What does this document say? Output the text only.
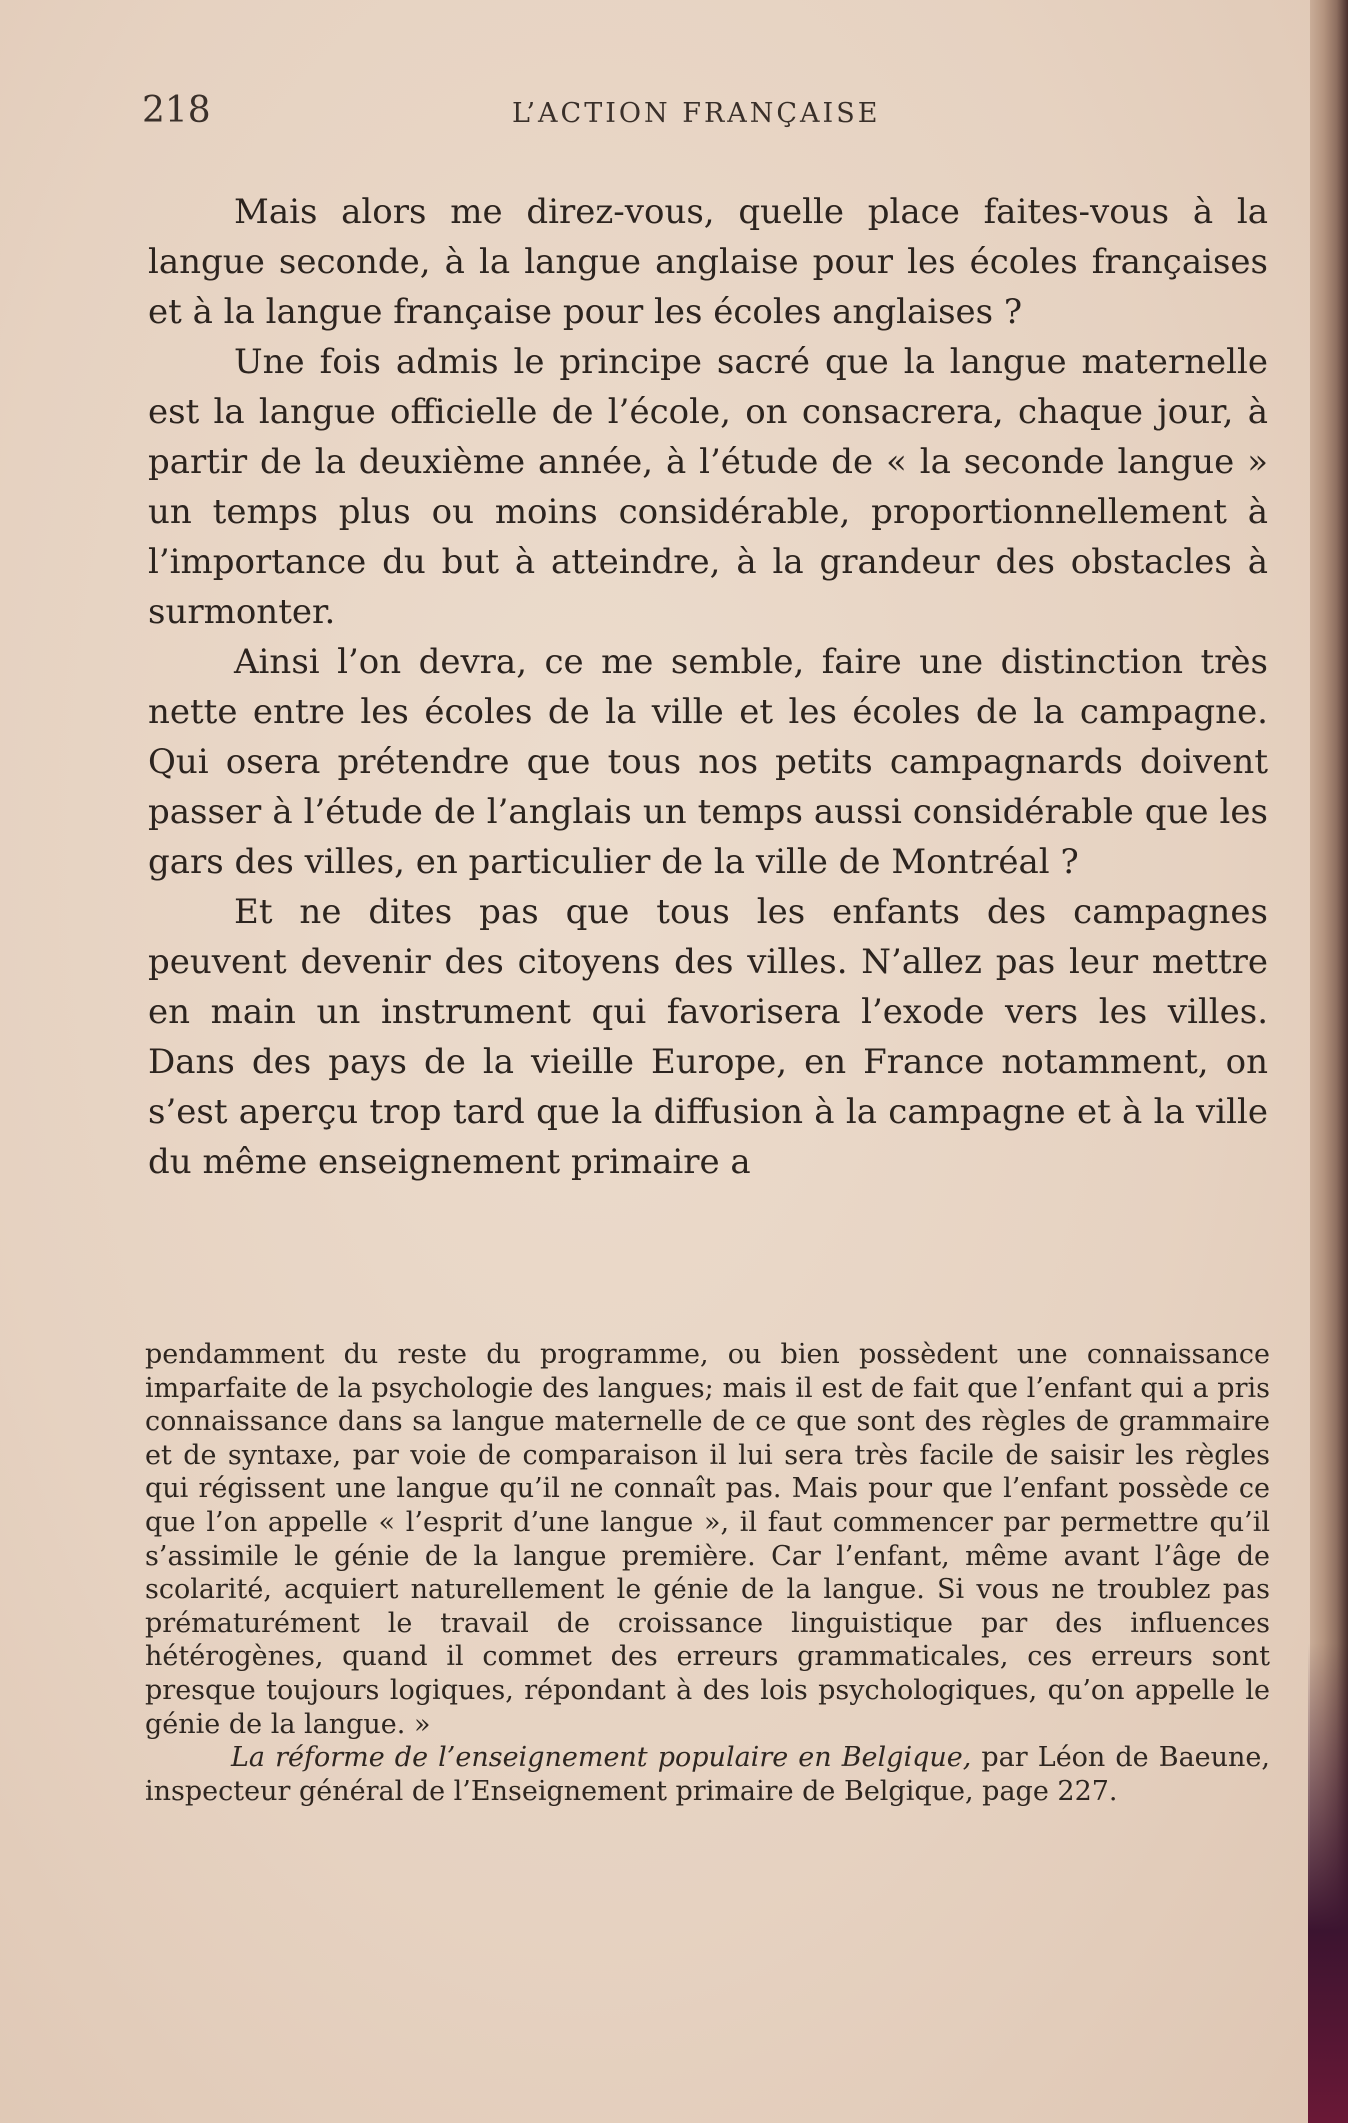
218	L’ACTION FRANÇAISE

Mais alors me direz-vous, quelle place faites-vous à la langue seconde, à la langue anglaise pour les écoles françaises et à la langue française pour les écoles anglaises ?

Une fois admis le principe sacré que la langue maternelle est la langue officielle de l’école, on consacrera, chaque jour, à partir de la deuxième année, à l’étude de « la seconde langue » un temps plus ou moins considérable, proportionnellement à l’importance du but à atteindre, à la grandeur des obstacles à surmonter.

Ainsi l’on devra, ce me semble, faire une distinction très nette entre les écoles de la ville et les écoles de la campagne. Qui osera prétendre que tous nos petits campagnards doivent passer à l’étude de l’anglais un temps aussi considérable que les gars des villes, en particulier de la ville de Montréal ?

Et ne dites pas que tous les enfants des campagnes peuvent devenir des citoyens des villes. N’allez pas leur mettre en main un instrument qui favorisera l’exode vers les villes. Dans des pays de la vieille Europe, en France notamment, on s’est aperçu trop tard que la diffusion à la campagne et à la ville du même enseignement primaire a

pendamment du reste du programme, ou bien possèdent une connaissance imparfaite de la psychologie des langues; mais il est de fait que l’enfant qui a pris connaissance dans sa langue maternelle de ce que sont des règles de grammaire et de syntaxe, par voie de comparaison il lui sera très facile de saisir les règles qui régissent une langue qu’il ne connaît pas. Mais pour que l’enfant possède ce que l’on appelle « l’esprit d’une langue », il faut commencer par permettre qu’il s’assimile le génie de la langue première. Car l’enfant, même avant l’âge de scolarité, acquiert naturellement le génie de la langue. Si vous ne troublez pas prématurément le travail de croissance linguistique par des influences hétérogènes, quand il commet des erreurs grammaticales, ces erreurs sont presque toujours logiques, répondant à des lois psychologiques, qu’on appelle le génie de la langue. »

La réforme de l’enseignement populaire en Belgique, par Léon de Baeune, inspecteur général de l’Enseignement primaire de Belgique, page 227.
